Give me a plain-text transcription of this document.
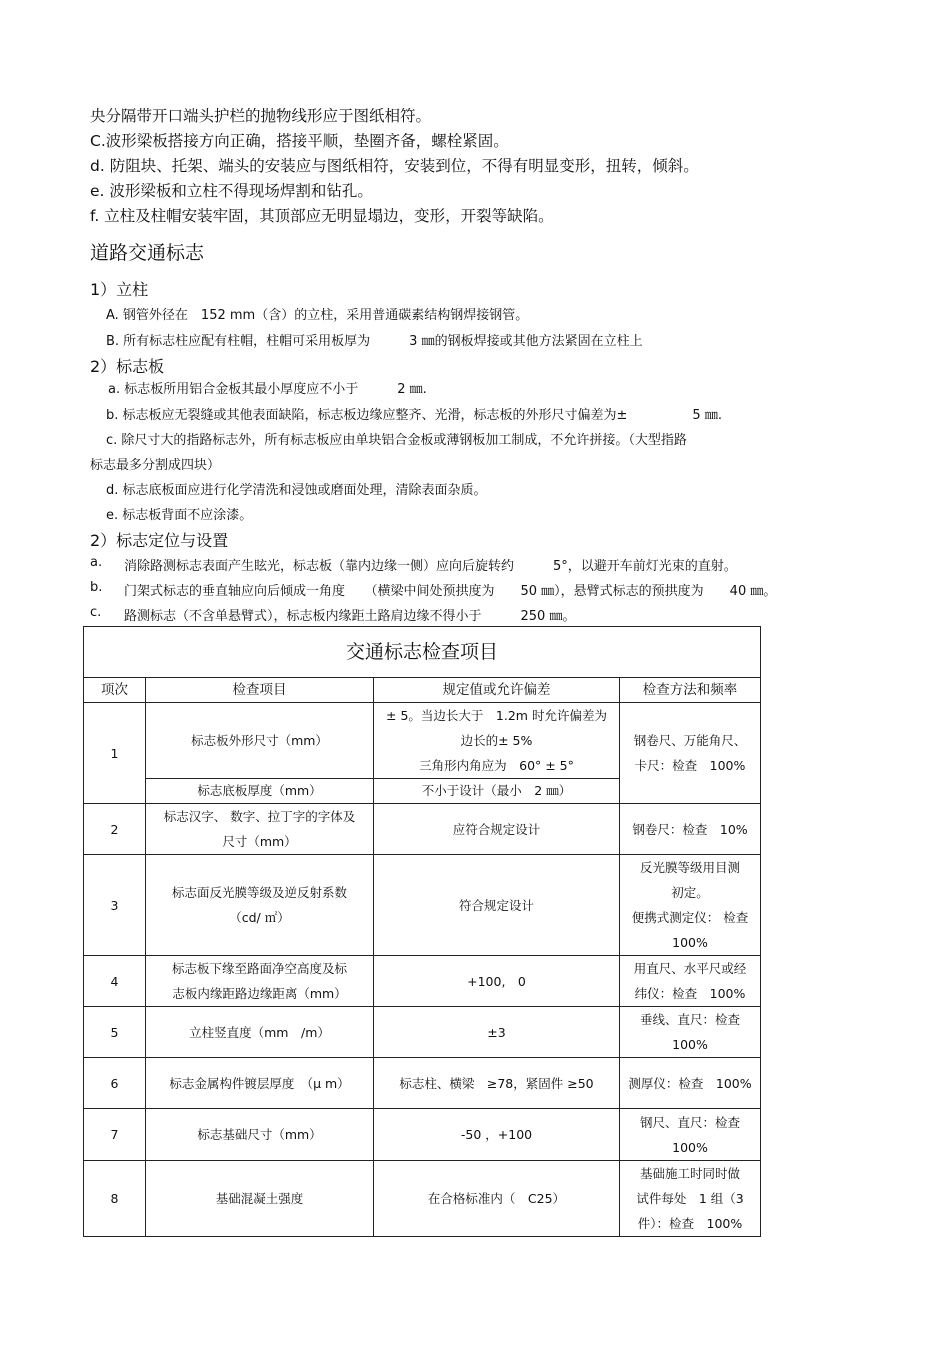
央分隔带开口端头护栏的抛物线形应于图纸相符。
C.波形梁板搭接方向正确，搭接平顺，垫圈齐备，螺栓紧固。
d. 防阻块、托架、端头的安装应与图纸相符，安装到位，不得有明显变形，扭转，倾斜。
e. 波形梁板和立柱不得现场焊割和钻孔。
f. 立柱及柱帽安装牢固，其顶部应无明显塌边，变形，开裂等缺陷。
道路交通标志
1）立柱
A. 钢管外径在　152 mm（含）的立柱，采用普通碳素结构钢焊接钢管。
B. 所有标志柱应配有柱帽，柱帽可采用板厚为　　　3 ㎜的钢板焊接或其他方法紧固在立柱上
2）标志板
a. 标志板所用铝合金板其最小厚度应不小于　　　2 ㎜.
b. 标志板应无裂缝或其他表面缺陷，标志板边缘应整齐、光滑，标志板的外形尺寸偏差为±　　　　　5 ㎜.
c. 除尺寸大的指路标志外，所有标志板应由单块铝合金板或薄钢板加工制成，不允许拼接。（大型指路
标志最多分割成四块）
d. 标志底板面应进行化学清洗和浸蚀或磨面处理，清除表面杂质。
e. 标志板背面不应涂漆。
2）标志定位与设置
a. 消除路测标志表面产生眩光，标志板（靠内边缘一侧）应向后旋转约　　　5°，以避开车前灯光束的直射。
b. 门架式标志的垂直轴应向后倾成一角度　　（横梁中间处预拱度为　　50 ㎜），悬臂式标志的预拱度为　　40 ㎜。
c. 路测标志（不含单悬臂式），标志板内缘距土路肩边缘不得小于　　　250 ㎜。
交通标志检查项目			
项次	检查项目	规定值或允许偏差	检查方法和频率
1	标志板外形尺寸（mm）	± 5。当边长大于　1.2m 时允许偏差为
边长的± 5%
三角形内角应为　60° ± 5°	钢卷尺、万能角尺、
卡尺：检查　100%

	标志底板厚度（mm）	不小于设计（最小　2 ㎜）	
2	标志汉字、 数字、拉丁字的字体及
尺寸（mm）	应符合规定设计	钢卷尺：检查　10%
3	标志面反光膜等级及逆反射系数
（cd/ ㎡）	符合规定设计	反光膜等级用目测
初定。
便携式测定仪： 检查
100%

4	标志板下缘至路面净空高度及标
志板内缘距路边缘距离（mm）	+100,　0	用直尺、水平尺或经
纬仪：检查　100%

5	立柱竖直度（mm　/m）	±3	垂线、直尺：检查
100%

6	标志金属构件镀层厚度　（μ m）	标志柱、横梁　≥78，紧固件 ≥50	测厚仪：检查　100%
7	标志基础尺寸（mm）	-50 ，+100	钢尺、直尺：检查
100%

8	基础混凝土强度	在合格标准内（　C25）	基础施工时同时做
试件每处　1 组（3
件）：检查　100%
